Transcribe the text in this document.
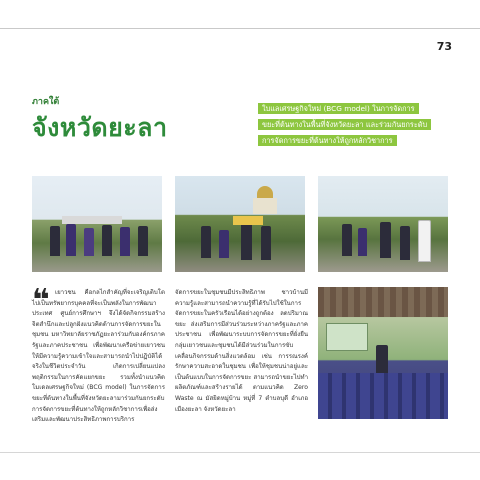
73
ภาคใต้
จังหวัดยะลา
ใบแลเศรษฐกิจใหม่ (BCG model) ในการจัดการ
ขยะที่ต้นทางในพื้นที่จังหวัดยะลา และร่วมกันยกระดับ
การจัดการขยะที่ต้นทางให้ถูกหลักวิชาการ
❝ เยาวชน คือกลไกสำคัญที่จะเจริญเติบโตไปเป็นทรัพยากรบุคคลที่จะเป็นพลังในการพัฒนาประเทศ ศูนย์การศึกษาฯ จึงได้จัดกิจกรรมสร้างจิตสำนึกและปลูกฝังแนวคิดด้านการจัดการขยะในชุมชน มหาวิทยาลัยราชภัฏยะลาร่วมกับองค์กรภาครัฐและภาคประชาชน เพื่อพัฒนาเครือข่ายเยาวชนให้มีความรู้ความเข้าใจและสามารถนำไปปฏิบัติได้จริงในชีวิตประจำวัน เกิดการเปลี่ยนแปลงพฤติกรรมในการคัดแยกขยะ รวมทั้งนำแนวคิด โมเดลเศรษฐกิจใหม่ (BCG model) ในการจัดการขยะที่ต้นทางในพื้นที่จังหวัดยะลามาร่วมกันยกระดับการจัดการขยะที่ต้นทางให้ถูกหลักวิชาการเพื่อส่งเสริมและพัฒนาประสิทธิภาพการบริการ
จัดการขยะในชุมชนมีประสิทธิภาพ ชาวบ้านมีความรู้และสามารถนำความรู้ที่ได้รับไปใช้ในการจัดการขยะในครัวเรือนได้อย่างถูกต้อง ลดปริมาณขยะ ส่งเสริมการมีส่วนร่วมระหว่างภาครัฐและภาคประชาชน เพื่อพัฒนาระบบการจัดการขยะที่ยั่งยืน กลุ่มเยาวชนและชุมชนได้มีส่วนร่วมในการขับเคลื่อนกิจกรรมด้านสิ่งแวดล้อม เช่น การรณรงค์รักษาความสะอาดในชุมชน เพื่อให้ชุมชนน่าอยู่และเป็นต้นแบบในการจัดการขยะ สามารถนำขยะไปทำผลิตภัณฑ์และสร้างรายได้ ตามแนวคิด Zero Waste ณ มัสยิดหมู่บ้าน หมู่ที่ 7 ตำบลบุดี อำเภอเมืองยะลา จังหวัดยะลา
